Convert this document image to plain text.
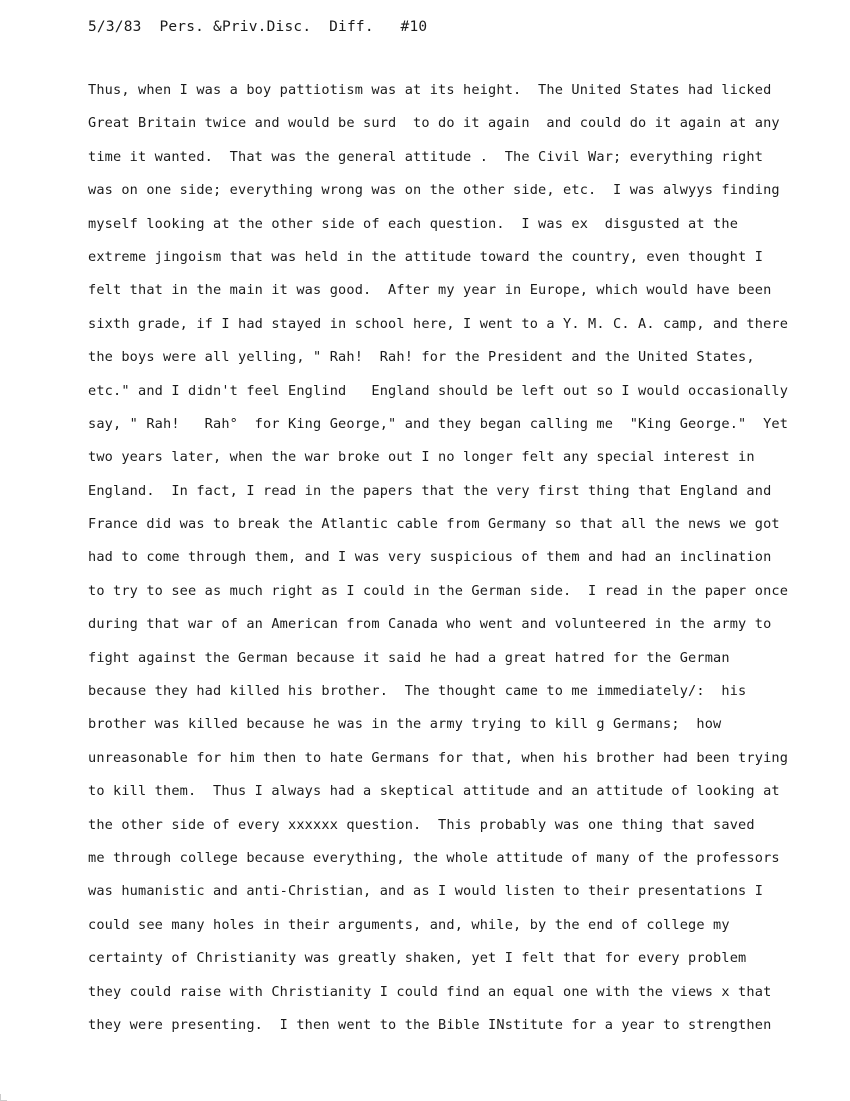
5/3/83  Pers. &Priv.Disc.  Diff.   #10
Thus, when I was a boy pattiotism was at its height.  The United States had licked
Great Britain twice and would be surd  to do it again  and could do it again at any
time it wanted.  That was the general attitude .  The Civil War; everything right
was on one side; everything wrong was on the other side, etc.  I was alwyys finding
myself looking at the other side of each question.  I was ex  disgusted at the
extreme jingoism that was held in the attitude toward the country, even thought I
felt that in the main it was good.  After my year in Europe, which would have been
sixth grade, if I had stayed in school here, I went to a Y. M. C. A. camp, and there
the boys were all yelling, " Rah!  Rah! for the President and the United States,
etc." and I didn't feel Englind   England should be left out so I would occasionally
say, " Rah!   Rah°  for King George," and they began calling me  "King George."  Yet
two years later, when the war broke out I no longer felt any special interest in
England.  In fact, I read in the papers that the very first thing that England and
France did was to break the Atlantic cable from Germany so that all the news we got
had to come through them, and I was very suspicious of them and had an inclination
to try to see as much right as I could in the German side.  I read in the paper once
during that war of an American from Canada who went and volunteered in the army to
fight against the German because it said he had a great hatred for the German
because they had killed his brother.  The thought came to me immediately/:  his
brother was killed because he was in the army trying to kill g Germans;  how
unreasonable for him then to hate Germans for that, when his brother had been trying
to kill them.  Thus I always had a skeptical attitude and an attitude of looking at
the other side of every xxxxxx question.  This probably was one thing that saved
me through college because everything, the whole attitude of many of the professors
was humanistic and anti-Christian, and as I would listen to their presentations I
could see many holes in their arguments, and, while, by the end of college my
certainty of Christianity was greatly shaken, yet I felt that for every problem
they could raise with Christianity I could find an equal one with the views x that
they were presenting.  I then went to the Bible INstitute for a year to strengthen
